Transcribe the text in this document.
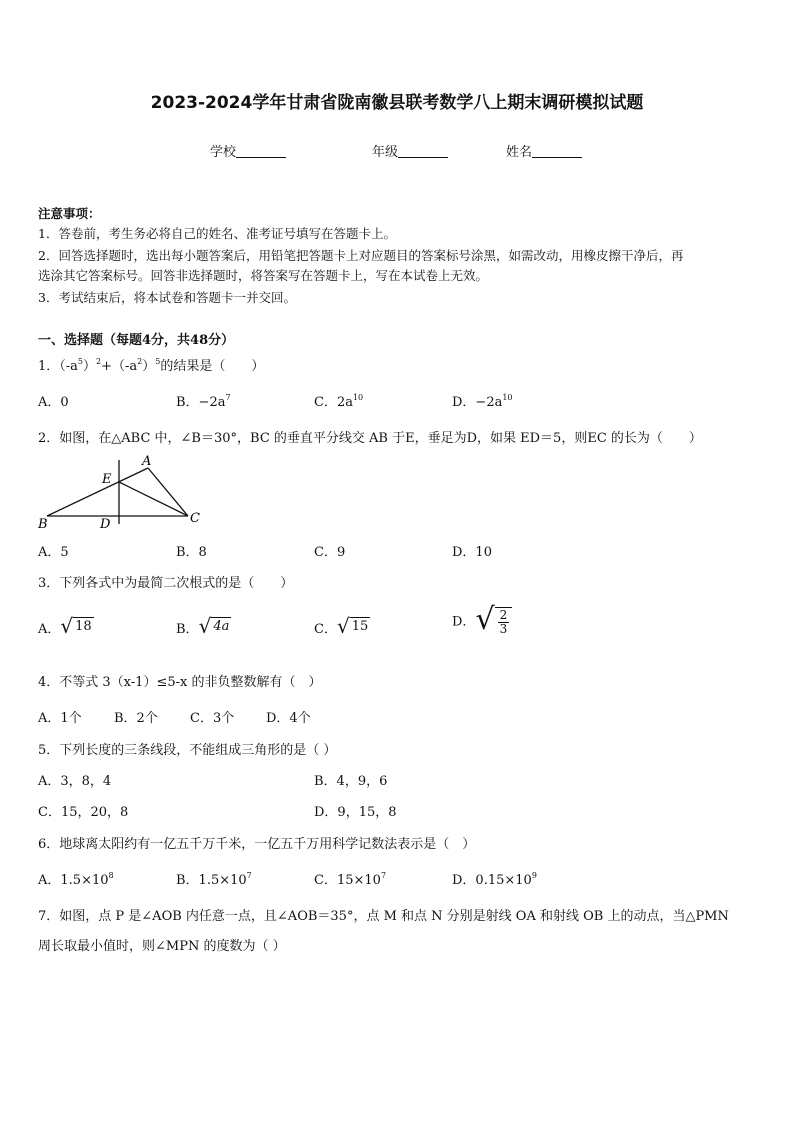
2023-2024学年甘肃省陇南徽县联考数学八上期末调研模拟试题
学校	年级	姓名
注意事项：
1．答卷前，考生务必将自己的姓名、准考证号填写在答题卡上。
2．回答选择题时，选出每小题答案后，用铅笔把答题卡上对应题目的答案标号涂黑，如需改动，用橡皮擦干净后，再
选涂其它答案标号。回答非选择题时，将答案写在答题卡上，写在本试卷上无效。
3．考试结束后，将本试卷和答题卡一并交回。
一、选择题（每题4分，共48分）
1．$(-a^5)^2+(-a^2)^5$的结果是（　　）
A．0	B．$-2a^7$	C．$2a^{10}$	D．$-2a^{10}$
2．如图，在△ABC 中，∠B＝30°，BC 的垂直平分线交 AB 于E，垂足为D，如果 ED＝5，则EC 的长为（　　）
A
E
B	D	C
A．5	B．8	C．9	D．10
3．下列各式中为最简二次根式的是（　　）
A． √ 18	B． √ 4a	C． √ 15	D． √ $\frac{2}{3}$
4．不等式 3（x-1）≤5-x 的非负整数解有（　）
A．1个 B．2个 C．3个 D．4个
5．下列长度的三条线段，不能组成三角形的是（ ）
A．3，8，4	B．4，9，6
C．15，20，8	D．9，15，8
6．地球离太阳约有一亿五千万千米，一亿五千万用科学记数法表示是（　）
A．$1.5\times 10^8$	B．$1.5\times 10^7$	C．$15\times 10^7$	D．$0.15\times 10^9$
7．如图，点 P 是∠AOB 内任意一点，且∠AOB＝35°，点 M 和点 N 分别是射线 OA 和射线 OB 上的动点，当△PMN
周长取最小值时，则∠MPN 的度数为（ ）
